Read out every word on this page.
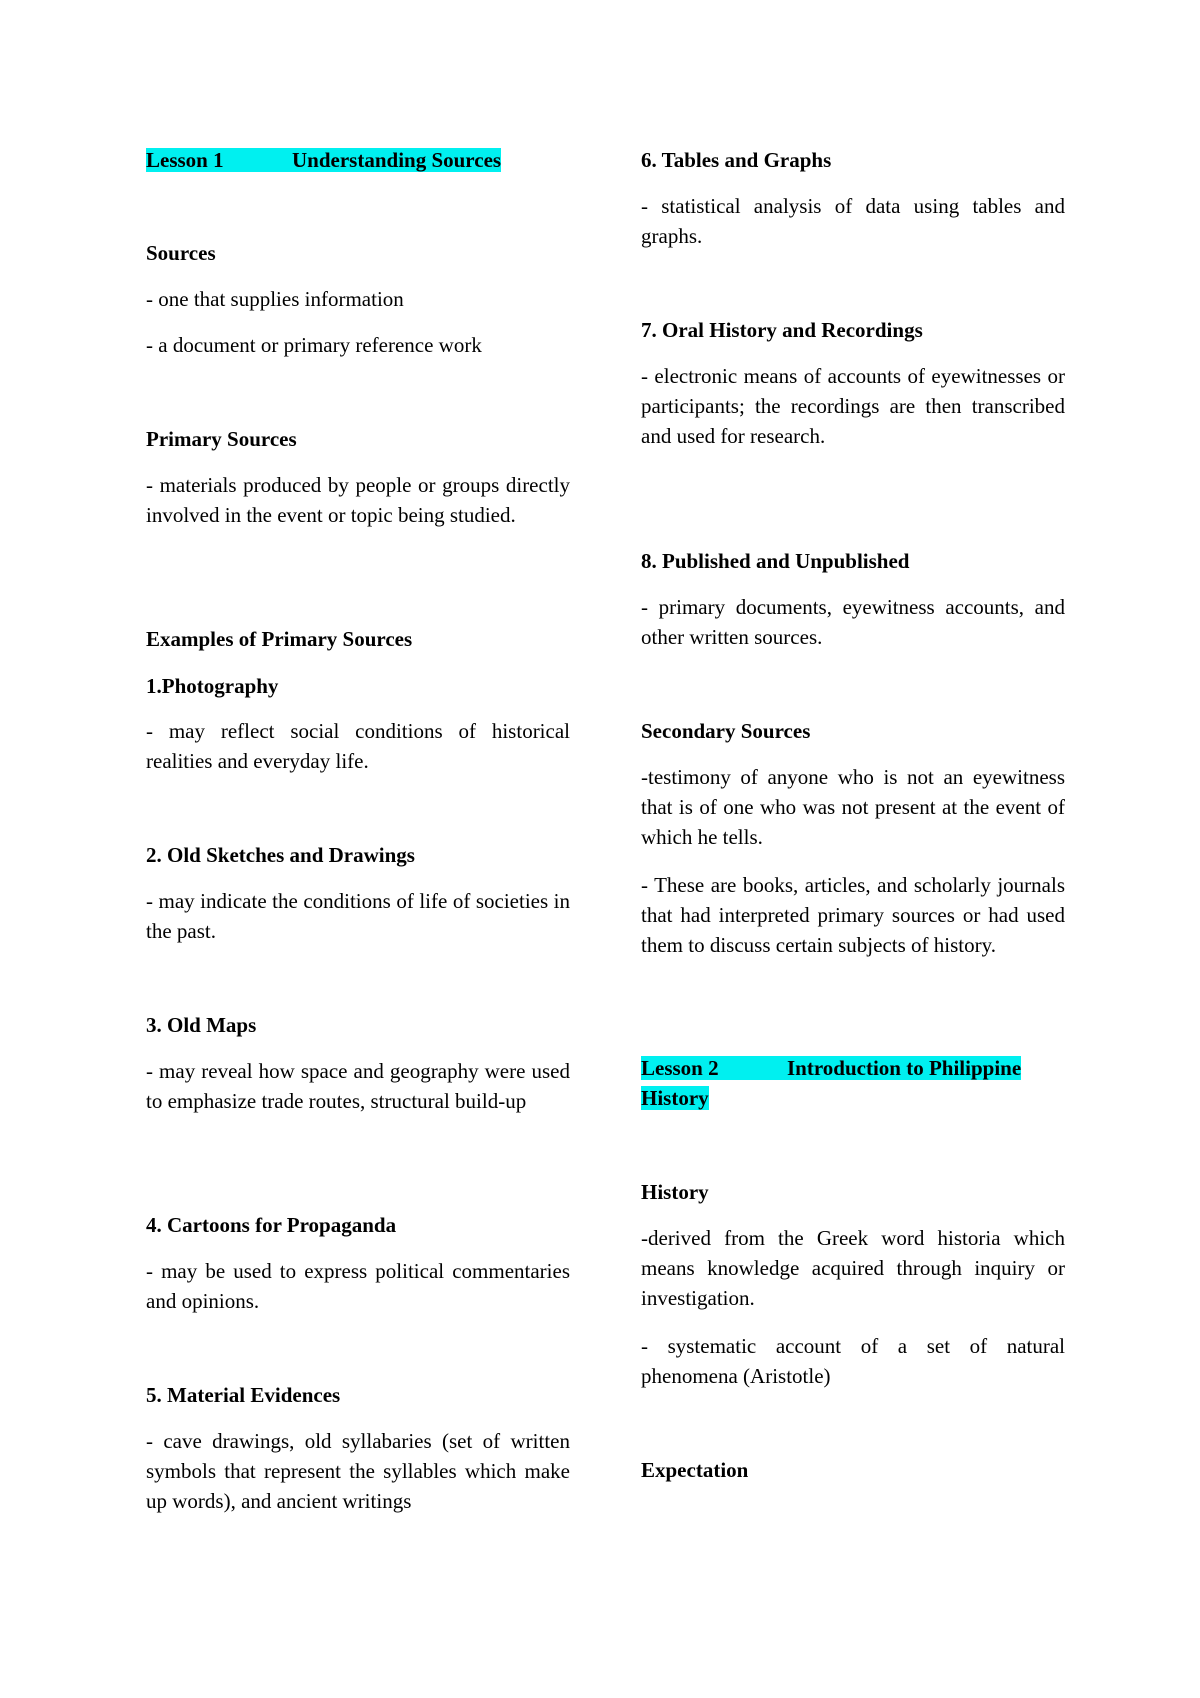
Lesson 1	Understanding Sources
Sources
- one that supplies information
- a document or primary reference work
Primary Sources
- materials produced by people or groups directly involved in the event or topic being studied.
Examples of Primary Sources
1.Photography
- may reflect social conditions of historical realities and everyday life.
2. Old Sketches and Drawings
- may indicate the conditions of life of societies in the past.
3. Old Maps
- may reveal how space and geography were used to emphasize trade routes, structural build-up
4. Cartoons for Propaganda
- may be used to express political commentaries and opinions.
5. Material Evidences
- cave drawings, old syllabaries (set of written symbols that represent the syllables which make up words), and ancient writings
6. Tables and Graphs
- statistical analysis of data using tables and graphs.
7. Oral History and Recordings
- electronic means of accounts of eyewitnesses or participants; the recordings are then transcribed and used for research.
8. Published and Unpublished
- primary documents, eyewitness accounts, and other written sources.
Secondary Sources
-testimony of anyone who is not an eyewitness that is of one who was not present at the event of which he tells.
- These are books, articles, and scholarly journals that had interpreted primary sources or had used them to discuss certain subjects of history.
Lesson 2	Introduction to Philippine
History
History
-derived from the Greek word historia which means knowledge acquired through inquiry or investigation.
- systematic account of a set of natural phenomena (Aristotle)
Expectation
